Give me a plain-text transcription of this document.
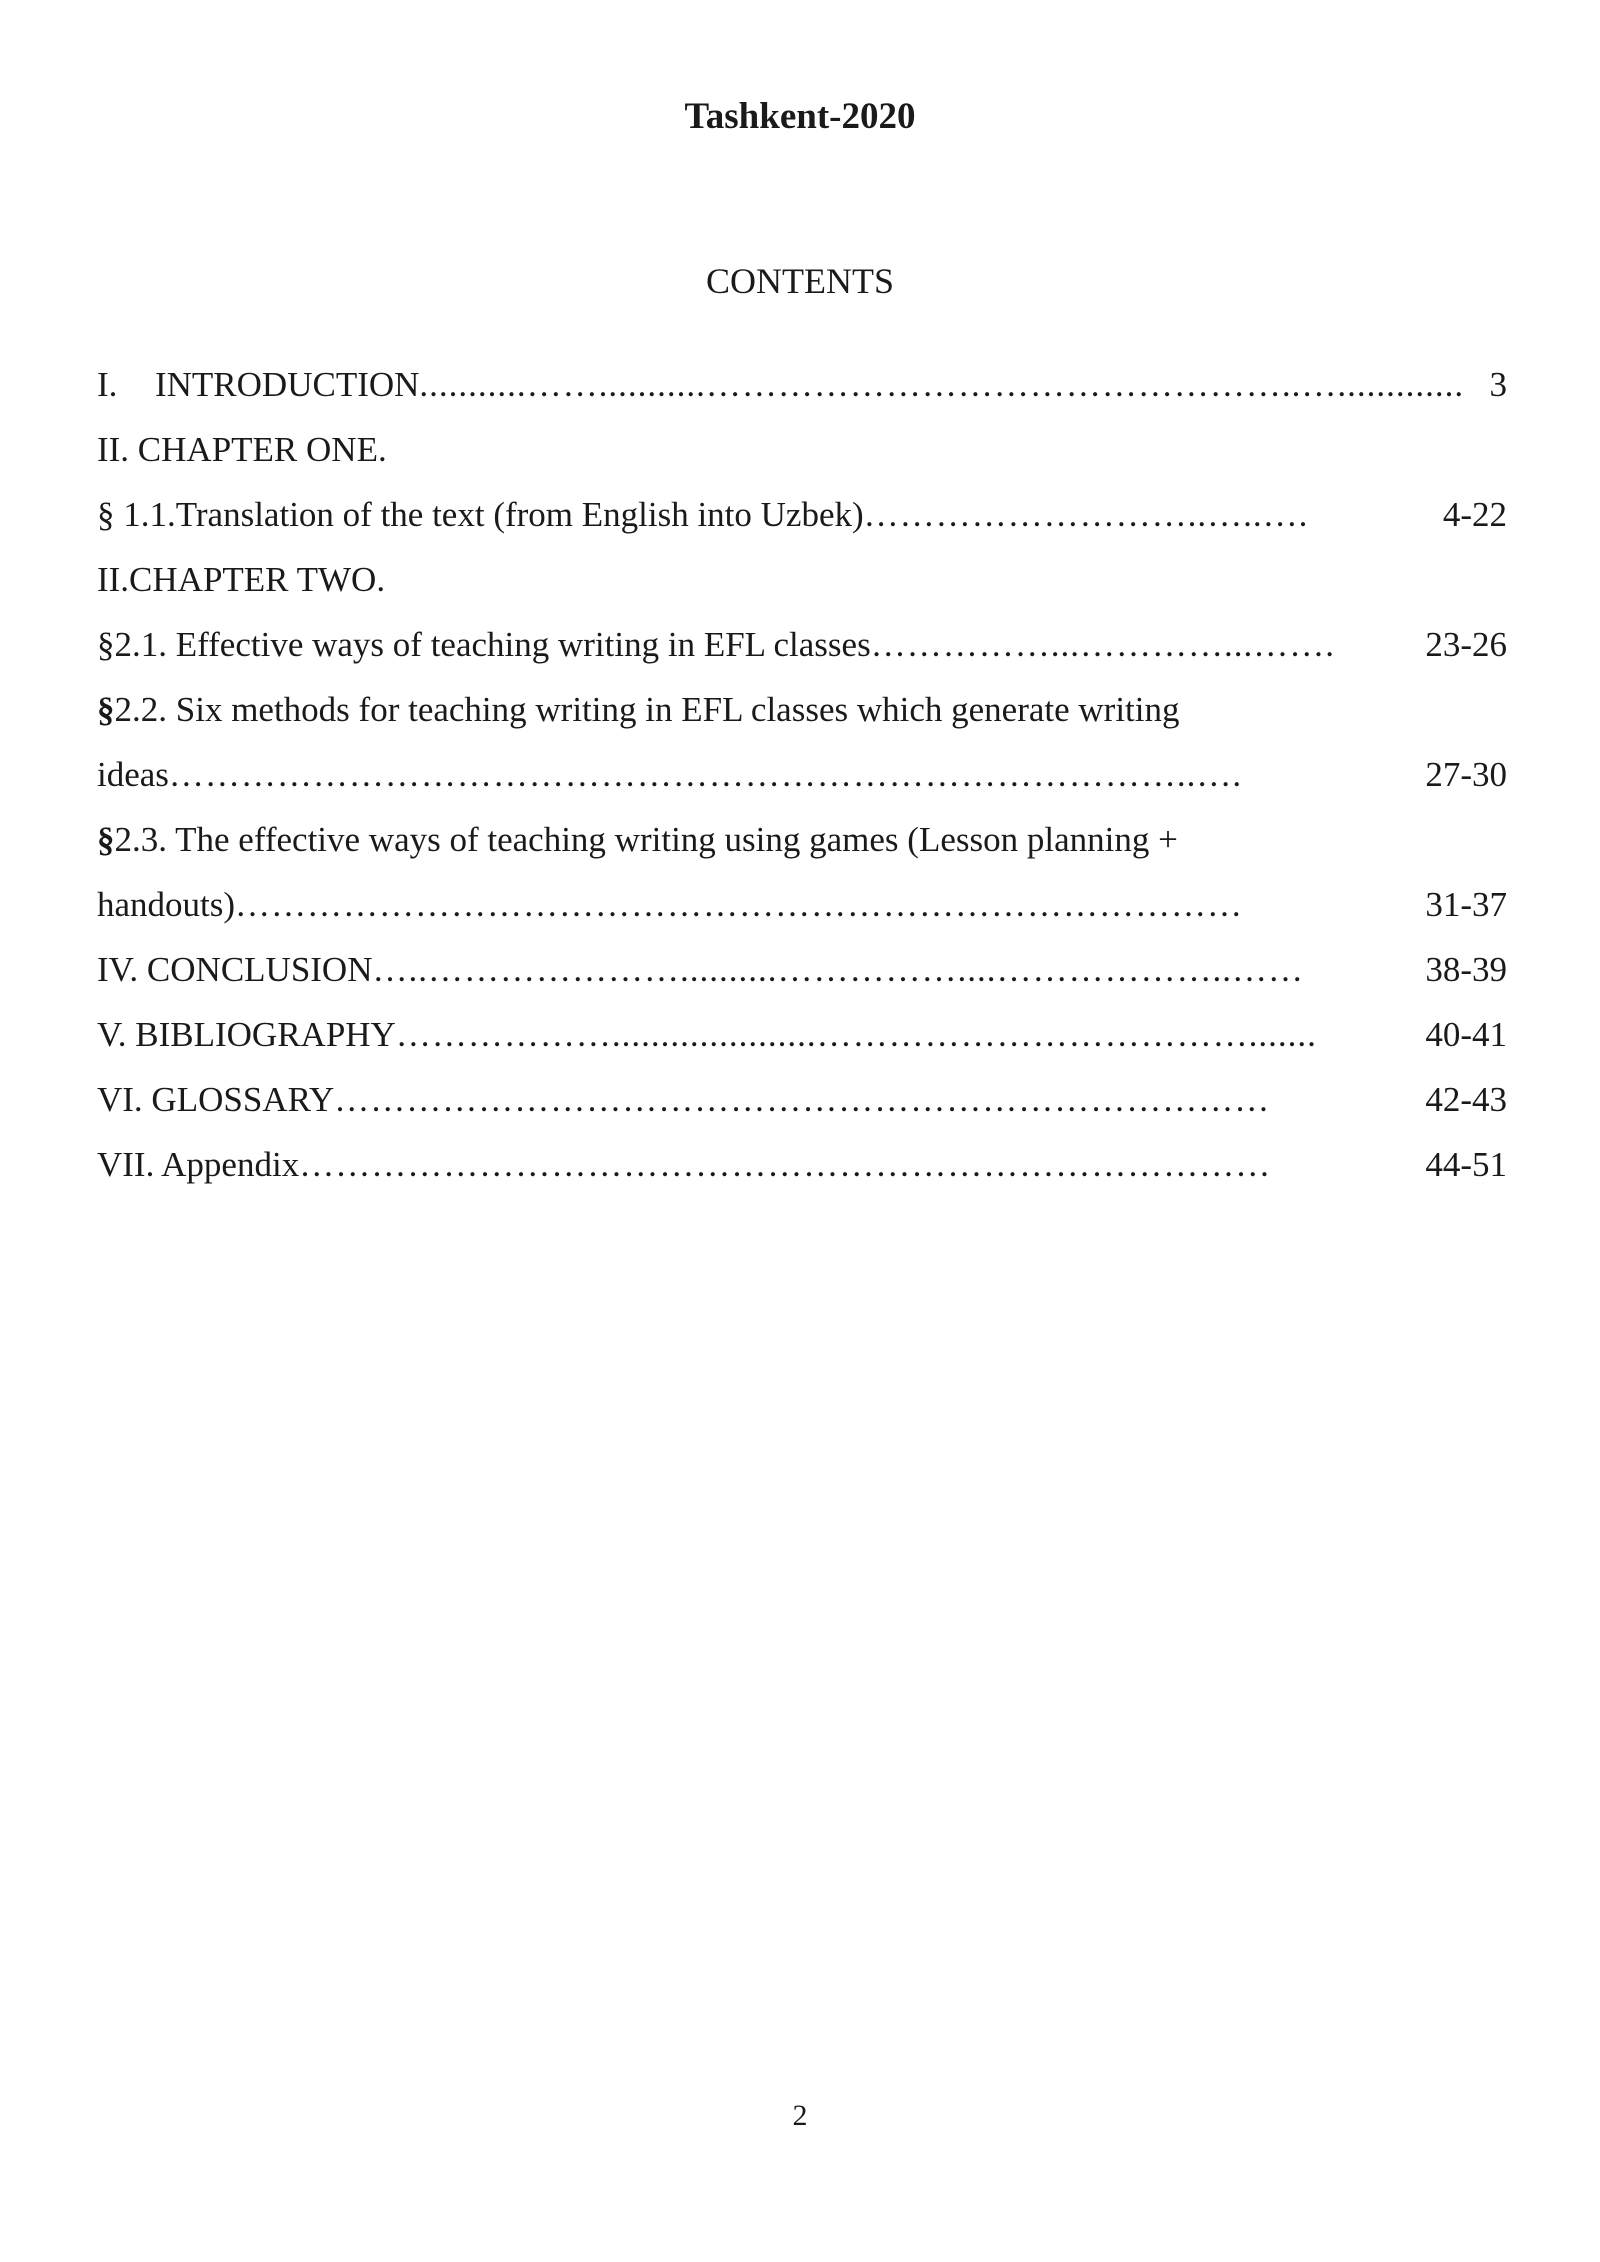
Tashkent-2020
CONTENTS
I. INTRODUCTION ...........……...........…………………………………………..…............. 3
II. CHAPTER ONE.
§ 1.1.Translation of the text (from English into Uzbek) ………………………..…..….	4-22
II.CHAPTER TWO.
§2.1. Effective ways of teaching writing in EFL classes ……………...…………...…….	23-26
§2.2. Six methods for teaching writing in EFL classes which generate writing
ideas …………………………………………………………………………..….	27-30
§2.3. The effective ways of teaching writing using games (Lesson planning +
handouts) …………………………………………………………………………	31-37
IV. CONCLUSION …..…………………..........……………....………………..……	38-39
V. BIBLIOGRAPHY ……………….....................……………………………….......	40-41
VI. GLOSSARY ……………………………………………………………………	42-43
VII. Appendix ………………………………………………………………………	44-51
2
